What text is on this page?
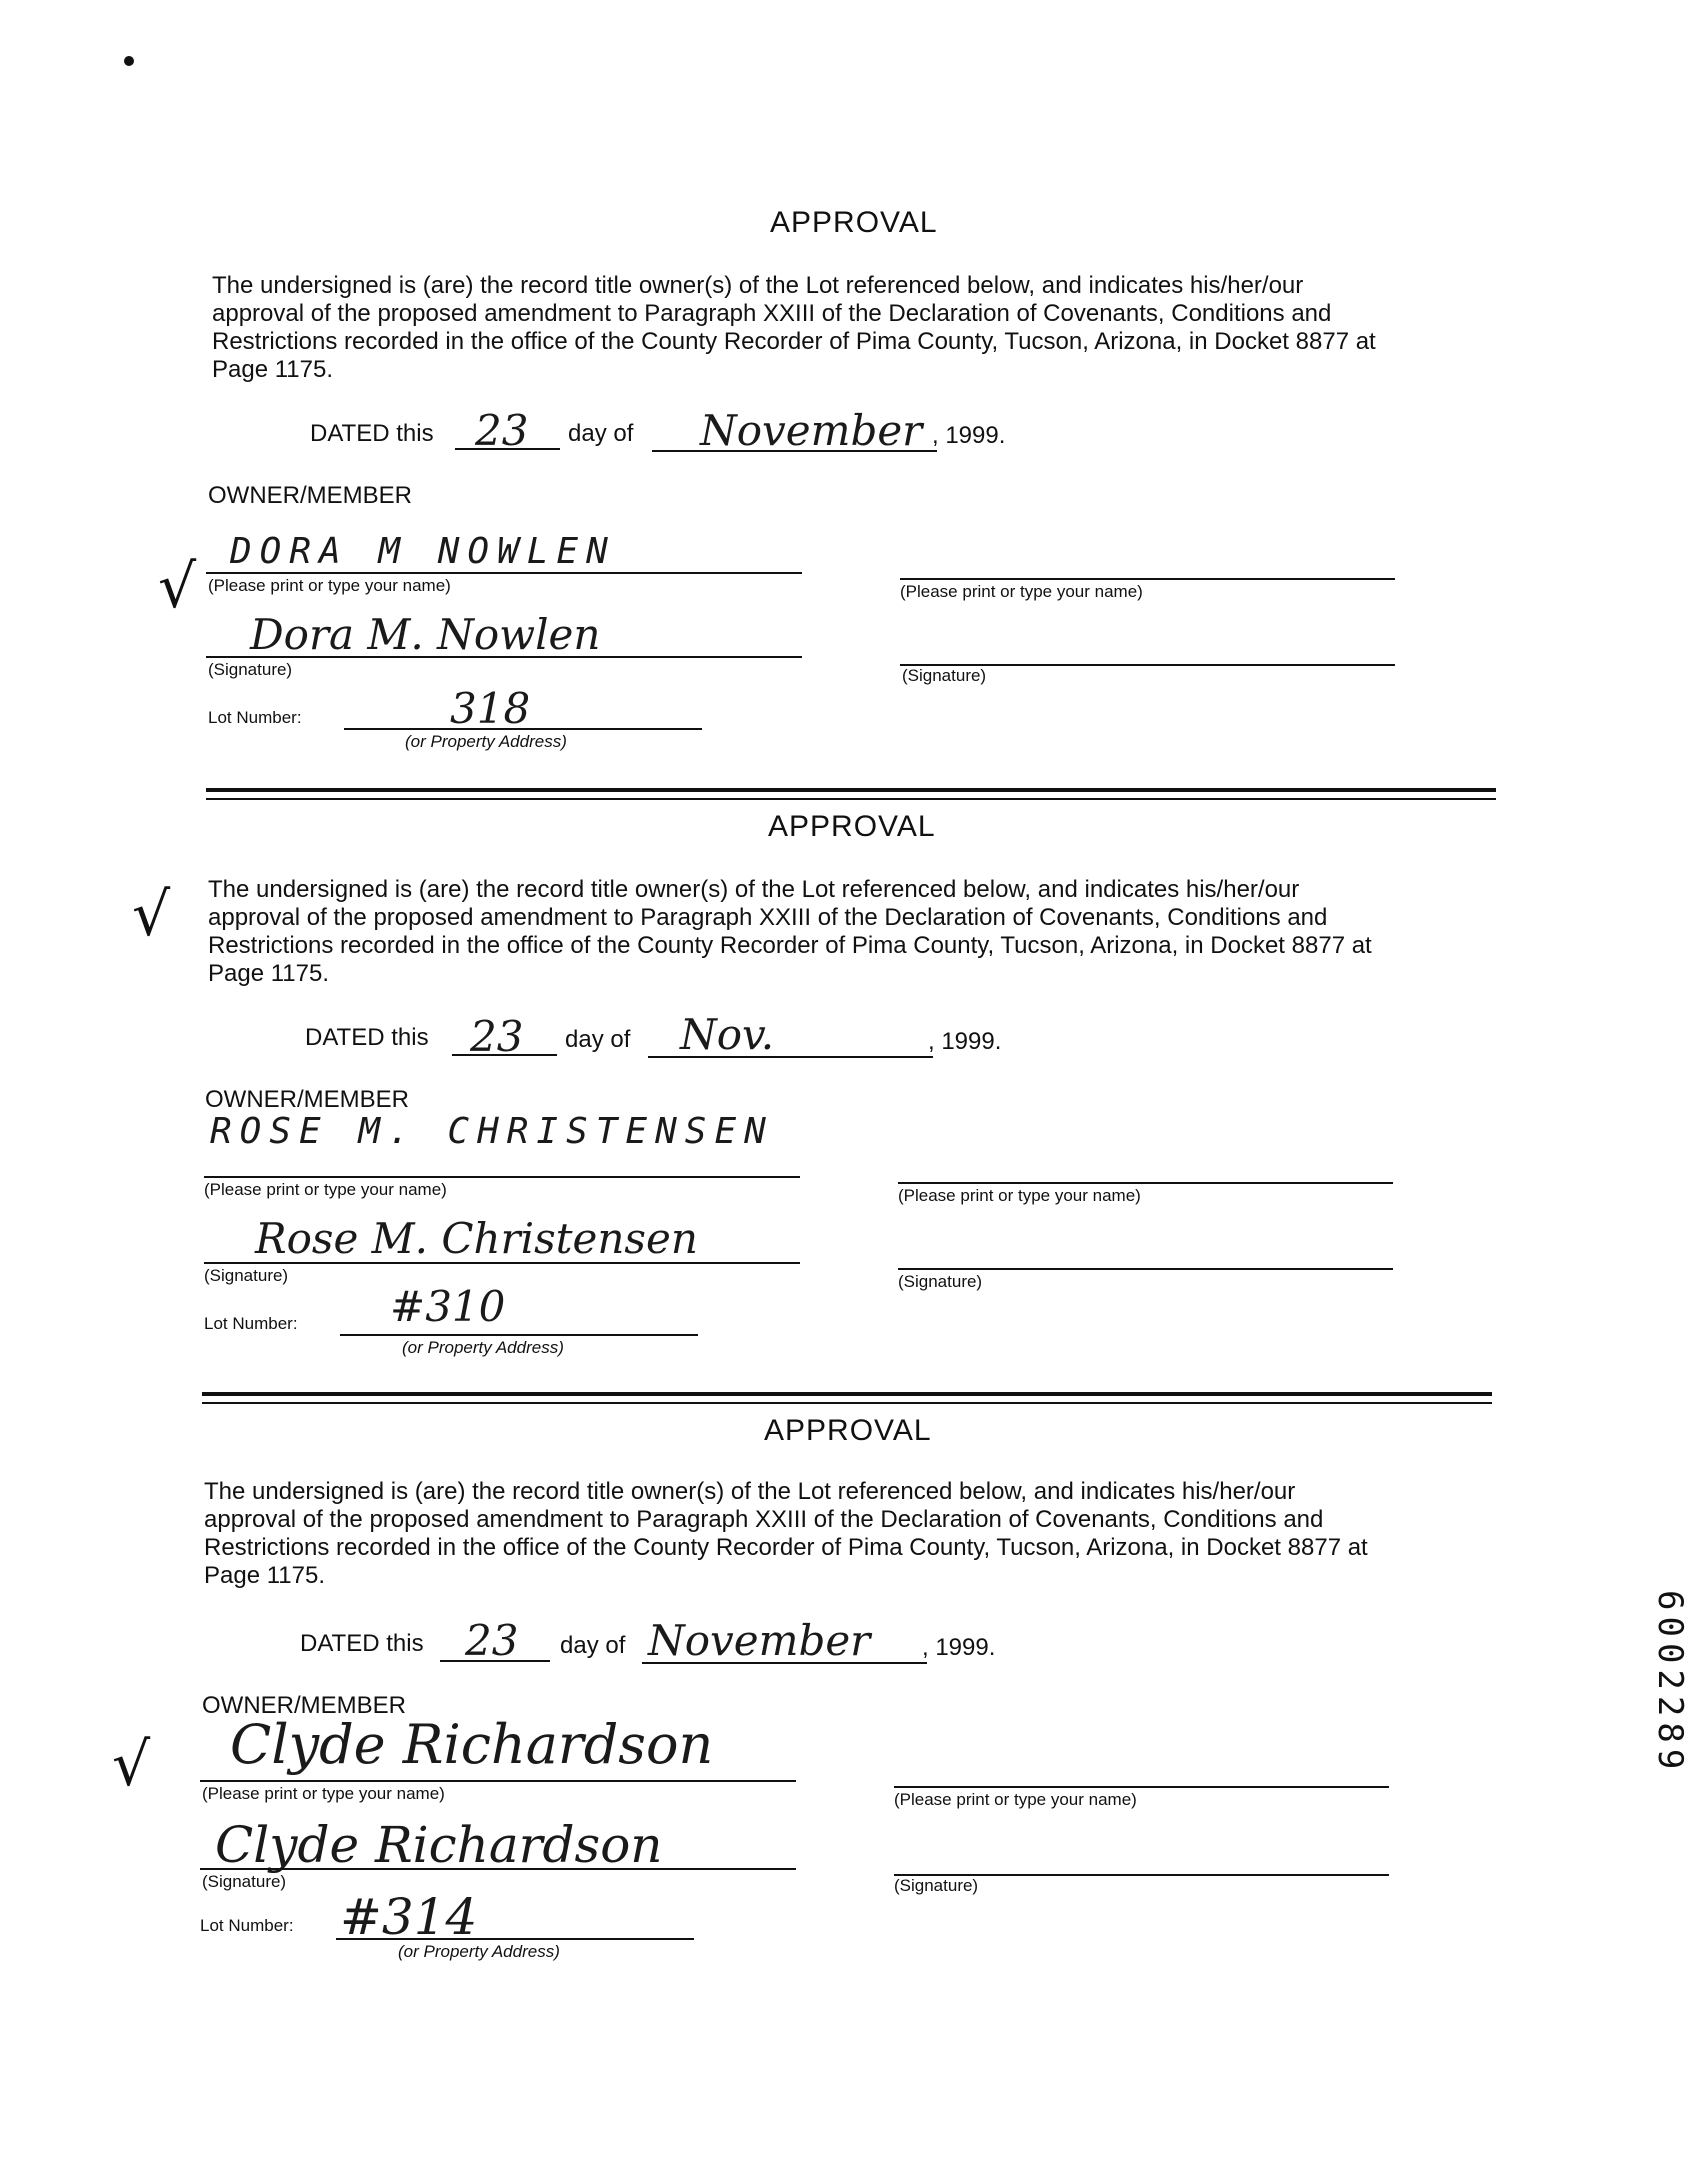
APPROVAL
The undersigned is (are) the record title owner(s) of the Lot referenced below, and indicates his/her/our
approval of the proposed amendment to Paragraph XXIII of the Declaration of Covenants, Conditions and
Restrictions recorded in the office of the County Recorder of Pima County, Tucson, Arizona, in Docket 8877 at
Page 1175.
DATED this 23 day of November , 1999.
OWNER/MEMBER
√
DORA M NOWLEN
(Please print or type your name)	(Please print or type your name)
Dora M. Nowlen
(Signature)	(Signature)
Lot Number:	318
(or Property Address)
APPROVAL
The undersigned is (are) the record title owner(s) of the Lot referenced below, and indicates his/her/our
approval of the proposed amendment to Paragraph XXIII of the Declaration of Covenants, Conditions and
Restrictions recorded in the office of the County Recorder of Pima County, Tucson, Arizona, in Docket 8877 at
Page 1175.
√
DATED this 23 day of Nov.	, 1999.
OWNER/MEMBER
ROSE M. CHRISTENSEN
(Please print or type your name)	(Please print or type your name)
Rose M. Christensen
(Signature)	(Signature)
Lot Number: #310
(or Property Address)
APPROVAL
The undersigned is (are) the record title owner(s) of the Lot referenced below, and indicates his/her/our
approval of the proposed amendment to Paragraph XXIII of the Declaration of Covenants, Conditions and
Restrictions recorded in the office of the County Recorder of Pima County, Tucson, Arizona, in Docket 8877 at
Page 1175.
DATED this 23 day of November , 1999.
OWNER/MEMBER
√ Clyde Richardson
(Please print or type your name)	(Please print or type your name)
Clyde Richardson
(Signature)	(Signature)
Lot Number: #314
(or Property Address)
6002289
